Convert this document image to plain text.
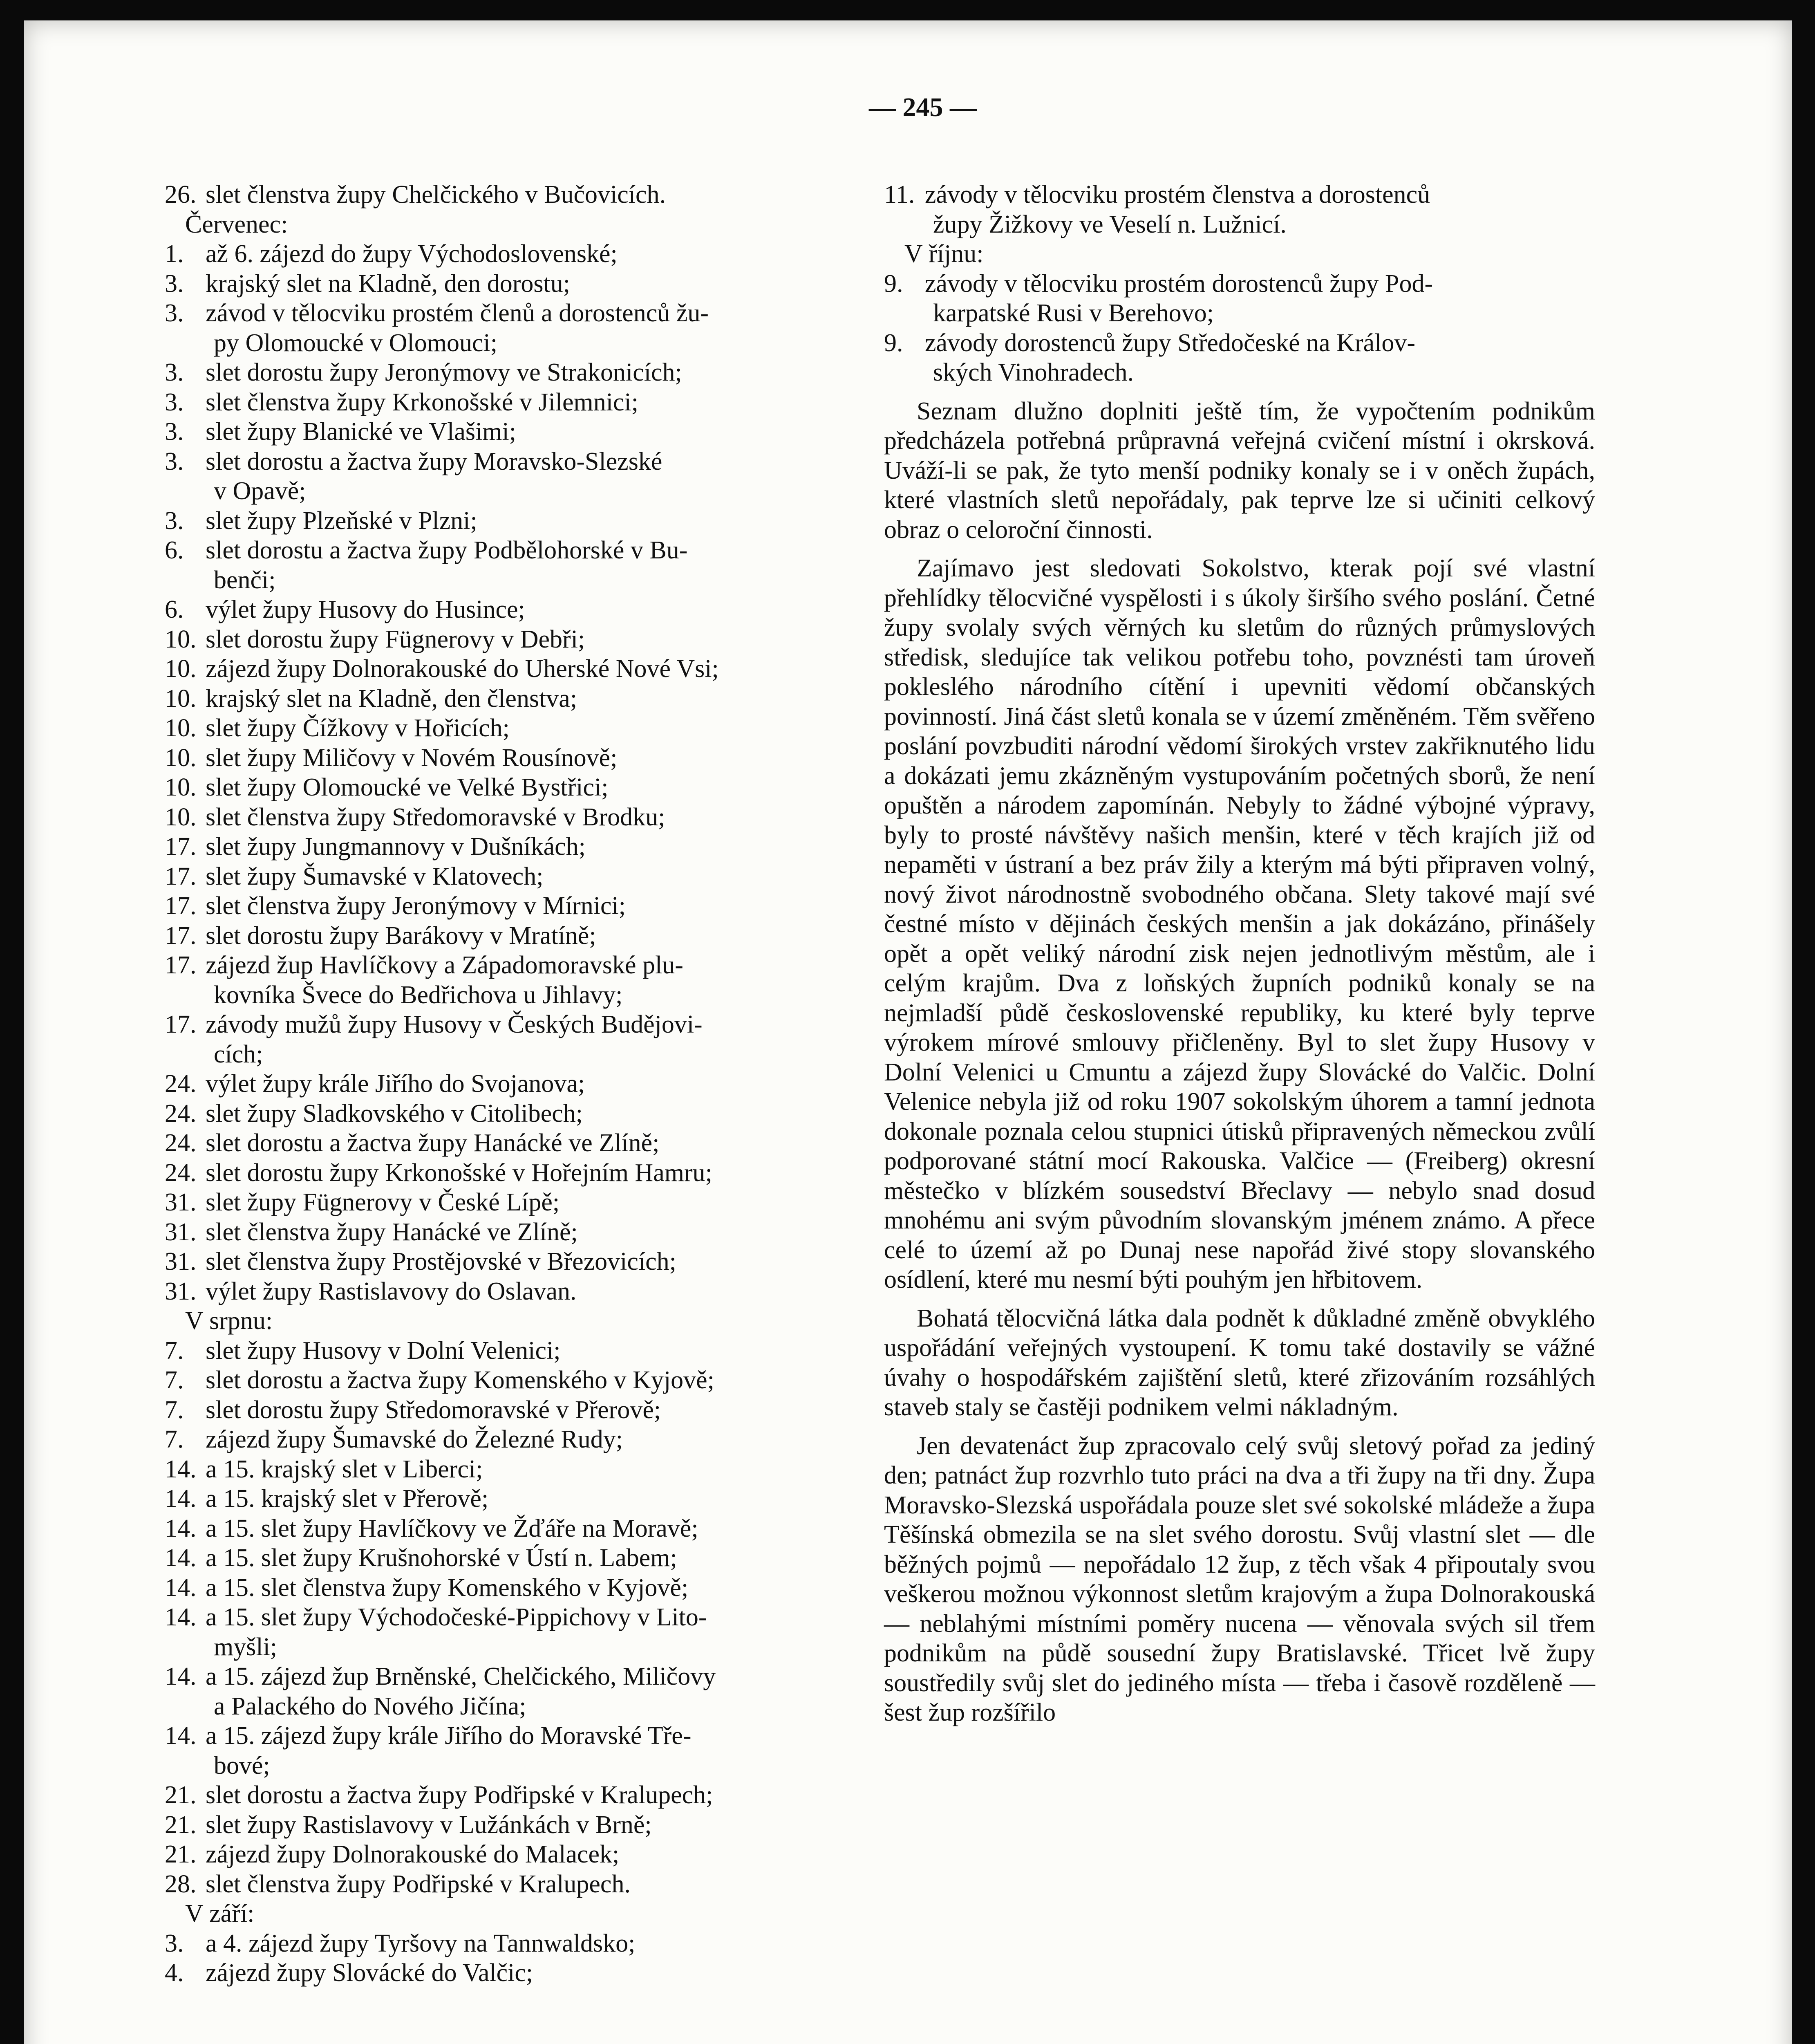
— 245 —
26. slet členstva župy Chelčického v Bučovicích.
Červenec:
1. až 6. zájezd do župy Východoslovenské;
3. krajský slet na Kladně, den dorostu;
3. závod v tělocviku prostém členů a dorostenců žu-
py Olomoucké v Olomouci;
3. slet dorostu župy Jeronýmovy ve Strakonicích;
3. slet členstva župy Krkonošské v Jilemnici;
3. slet župy Blanické ve Vlašimi;
3. slet dorostu a žactva župy Moravsko-Slezské
v Opavě;
3. slet župy Plzeňské v Plzni;
6. slet dorostu a žactva župy Podbělohorské v Bu-
benči;
6. výlet župy Husovy do Husince;
10. slet dorostu župy Fügnerovy v Debři;
10. zájezd župy Dolnorakouské do Uherské Nové Vsi;
10. krajský slet na Kladně, den členstva;
10. slet župy Čížkovy v Hořicích;
10. slet župy Miličovy v Novém Rousínově;
10. slet župy Olomoucké ve Velké Bystřici;
10. slet členstva župy Středomoravské v Brodku;
17. slet župy Jungmannovy v Dušníkách;
17. slet župy Šumavské v Klatovech;
17. slet členstva župy Jeronýmovy v Mírnici;
17. slet dorostu župy Barákovy v Mratíně;
17. zájezd žup Havlíčkovy a Západomoravské plu-
kovníka Švece do Bedřichova u Jihlavy;
17. závody mužů župy Husovy v Českých Budějovi-
cích;
24. výlet župy krále Jiřího do Svojanova;
24. slet župy Sladkovského v Citolibech;
24. slet dorostu a žactva župy Hanácké ve Zlíně;
24. slet dorostu župy Krkonošské v Hořejním Hamru;
31. slet župy Fügnerovy v České Lípě;
31. slet členstva župy Hanácké ve Zlíně;
31. slet členstva župy Prostějovské v Březovicích;
31. výlet župy Rastislavovy do Oslavan.
V srpnu:
7. slet župy Husovy v Dolní Velenici;
7. slet dorostu a žactva župy Komenského v Kyjově;
7. slet dorostu župy Středomoravské v Přerově;
7. zájezd župy Šumavské do Železné Rudy;
14. a 15. krajský slet v Liberci;
14. a 15. krajský slet v Přerově;
14. a 15. slet župy Havlíčkovy ve Žďáře na Moravě;
14. a 15. slet župy Krušnohorské v Ústí n. Labem;
14. a 15. slet členstva župy Komenského v Kyjově;
14. a 15. slet župy Východočeské-Pippichovy v Lito-
myšli;
14. a 15. zájezd žup Brněnské, Chelčického, Miličovy
a Palackého do Nového Jičína;
14. a 15. zájezd župy krále Jiřího do Moravské Tře-
bové;
21. slet dorostu a žactva župy Podřipské v Kralupech;
21. slet župy Rastislavovy v Lužánkách v Brně;
21. zájezd župy Dolnorakouské do Malacek;
28. slet členstva župy Podřipské v Kralupech.
V září:
3. a 4. zájezd župy Tyršovy na Tannwaldsko;
4. zájezd župy Slovácké do Valčic;
11. závody v tělocviku prostém členstva a dorostenců
župy Žižkovy ve Veselí n. Lužnicí.
V říjnu:
9. závody v tělocviku prostém dorostenců župy Pod-
karpatské Rusi v Berehovo;
9. závody dorostenců župy Středočeské na Králov-
ských Vinohradech.
Seznam dlužno doplniti ještě tím, že vypočtením podnikům předcházela potřebná průpravná veřejná cvičení místní i okrsková. Uváží-li se pak, že tyto menší podniky konaly se i v oněch župách, které vlastních sletů nepořádaly, pak teprve lze si učiniti celkový obraz o celoroční činnosti.
Zajímavo jest sledovati Sokolstvo, kterak pojí své vlastní přehlídky tělocvičné vyspělosti i s úkoly širšího svého poslání. Četné župy svolaly svých věrných ku sletům do různých průmyslových středisk, sledujíce tak velikou potřebu toho, povznésti tam úroveň pokleslého národního cítění i upevniti vědomí občanských povinností. Jiná část sletů konala se v území změněném. Těm svěřeno poslání povzbuditi národní vědomí širokých vrstev zakřiknutého lidu a dokázati jemu zkázněným vystupováním početných sborů, že není opuštěn a národem zapomínán. Nebyly to žádné výbojné výpravy, byly to prosté návštěvy našich menšin, které v těch krajích již od nepaměti v ústraní a bez práv žily a kterým má býti připraven volný, nový život národnostně svobodného občana. Slety takové mají své čestné místo v dějinách českých menšin a jak dokázáno, přinášely opět a opět veliký národní zisk nejen jednotlivým městům, ale i celým krajům. Dva z loňských župních podniků konaly se na nejmladší půdě československé republiky, ku které byly teprve výrokem mírové smlouvy přičleněny. Byl to slet župy Husovy v Dolní Velenici u Cmuntu a zájezd župy Slovácké do Valčic. Dolní Velenice nebyla již od roku 1907 sokolským úhorem a tamní jednota dokonale poznala celou stupnici útisků připravených německou zvůlí podporované státní mocí Rakouska. Valčice — (Freiberg) okresní městečko v blízkém sousedství Břeclavy — nebylo snad dosud mnohému ani svým původním slovanským jménem známo. A přece celé to území až po Dunaj nese napořád živé stopy slovanského osídlení, které mu nesmí býti pouhým jen hřbitovem.
Bohatá tělocvičná látka dala podnět k důkladné změně obvyklého uspořádání veřejných vystoupení. K tomu také dostavily se vážné úvahy o hospodářském zajištění sletů, které zřizováním rozsáhlých staveb staly se častěji podnikem velmi nákladným.
Jen devatenáct žup zpracovalo celý svůj sletový pořad za jediný den; patnáct žup rozvrhlo tuto práci na dva a tři župy na tři dny. Župa Moravsko-Slezská uspořádala pouze slet své sokolské mládeže a župa Těšínská obmezila se na slet svého dorostu. Svůj vlastní slet — dle běžných pojmů — nepořádalo 12 žup, z těch však 4 připoutaly svou veškerou možnou výkonnost sletům krajovým a župa Dolnorakouská — neblahými místními poměry nucena — věnovala svých sil třem podnikům na půdě sousední župy Bratislavské. Třicet lvě župy soustředily svůj slet do jediného místa — třeba i časově rozděleně — šest žup rozšířilo
